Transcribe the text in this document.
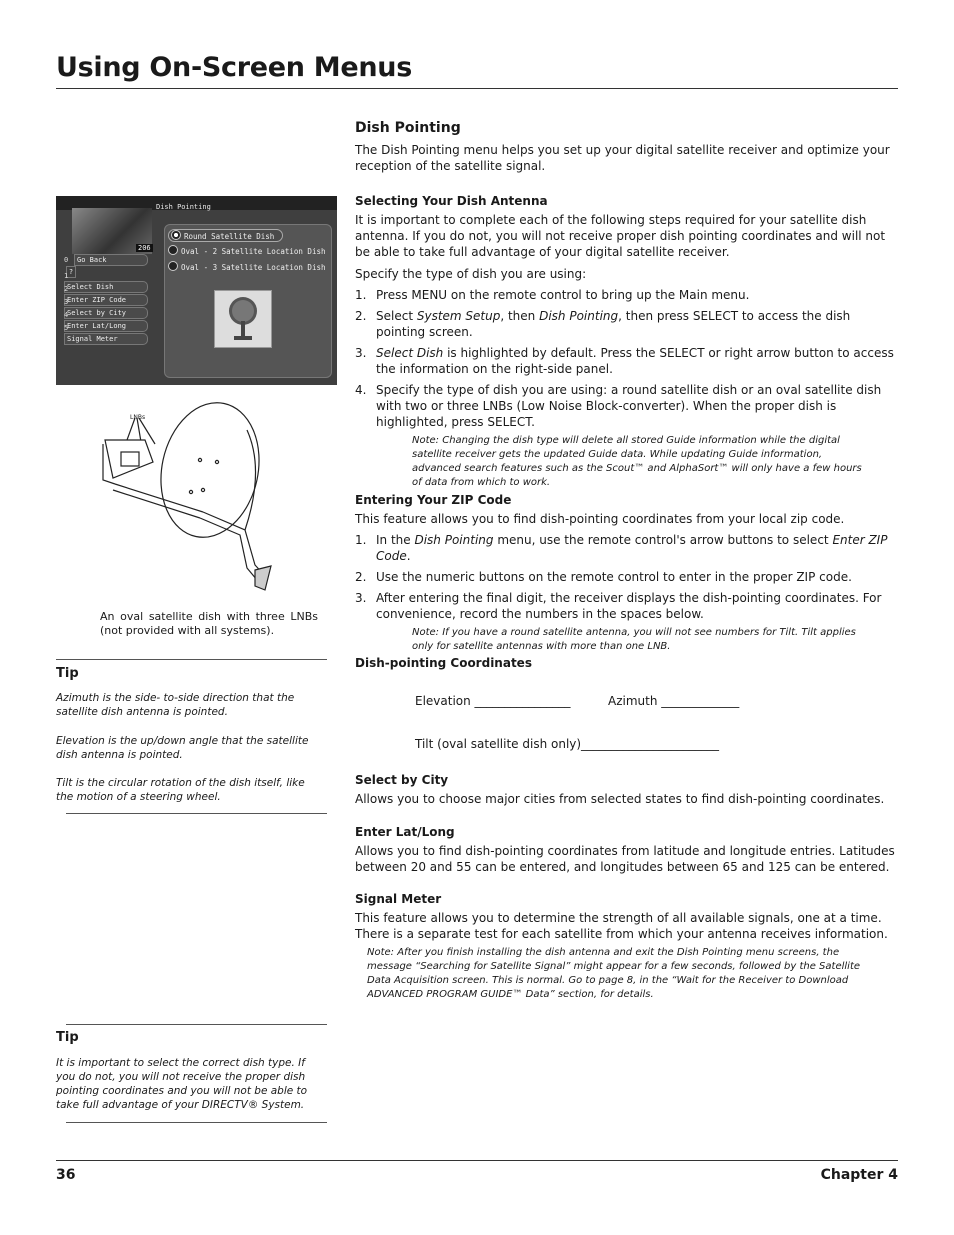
Using On-Screen Menus
Dish Pointing
206
0 Go Back ?
1Select Dish
2Enter ZIP Code
3Select by City
4Enter Lat/Long
5Signal Meter
Round Satellite Dish
Oval - 2 Satellite Location Dish
Oval - 3 Satellite Location Dish
LNBs
An oval satellite dish with three LNBs (not provided with all systems).
Tip
Azimuth is the side- to-side direction that the satellite dish antenna is pointed.
Elevation is the up/down angle that the satellite dish antenna is pointed.
Tilt is the circular rotation of the dish itself, like the motion of a steering wheel.
Tip
It is important to select the correct dish type. If you do not, you will not receive the proper dish pointing coordinates and you will not be able to take full advantage of your DIRECTV® System.
Dish Pointing

The Dish Pointing menu helps you set up your digital satellite receiver and optimize your reception of the satellite signal.

Selecting Your Dish Antenna

It is important to complete each of the following steps required for your satellite dish antenna. If you do not, you will not receive proper dish pointing coordinates and will not be able to take full advantage of your digital satellite receiver.

Specify the type of dish you are using:

1. Press MENU on the remote control to bring up the Main menu.
2. Select System Setup, then Dish Pointing, then press SELECT to access the dish pointing screen.
3. Select Dish is highlighted by default. Press the SELECT or right arrow button to access the information on the right-side panel.
4. Specify the type of dish you are using: a round satellite dish or an oval satellite dish with two or three LNBs (Low Noise Block-converter). When the proper dish is highlighted, press SELECT.

Note: Changing the dish type will delete all stored Guide information while the digital satellite receiver gets the updated Guide data. While updating Guide information, advanced search features such as the Scout™ and AlphaSort™ will only have a few hours of data from which to work.

Entering Your ZIP Code

This feature allows you to find dish-pointing coordinates from your local zip code.

1. In the Dish Pointing menu, use the remote control's arrow buttons to select Enter ZIP Code.
2. Use the numeric buttons on the remote control to enter in the proper ZIP code.
3. After entering the final digit, the receiver displays the dish-pointing coordinates. For convenience, record the numbers in the spaces below.

Note: If you have a round satellite antenna, you will not see numbers for Tilt. Tilt applies only for satellite antennas with more than one LNB.

Dish-pointing Coordinates
Elevation ________________	Azimuth _____________
Tilt (oval satellite dish only)_______________________
Select by City

Allows you to choose major cities from selected states to find dish-pointing coordinates.

Enter Lat/Long

Allows you to find dish-pointing coordinates from latitude and longitude entries. Latitudes between 20 and 55 can be entered, and longitudes between 65 and 125 can be entered.

Signal Meter

This feature allows you to determine the strength of all available signals, one at a time. There is a separate test for each satellite from which your antenna receives information.

Note: After you finish installing the dish antenna and exit the Dish Pointing menu screens, the message “Searching for Satellite Signal” might appear for a few seconds, followed by the Satellite Data Acquisition screen. This is normal. Go to page 8, in the “Wait for the Receiver to Download ADVANCED PROGRAM GUIDE™ Data” section, for details.

36	Chapter 4
